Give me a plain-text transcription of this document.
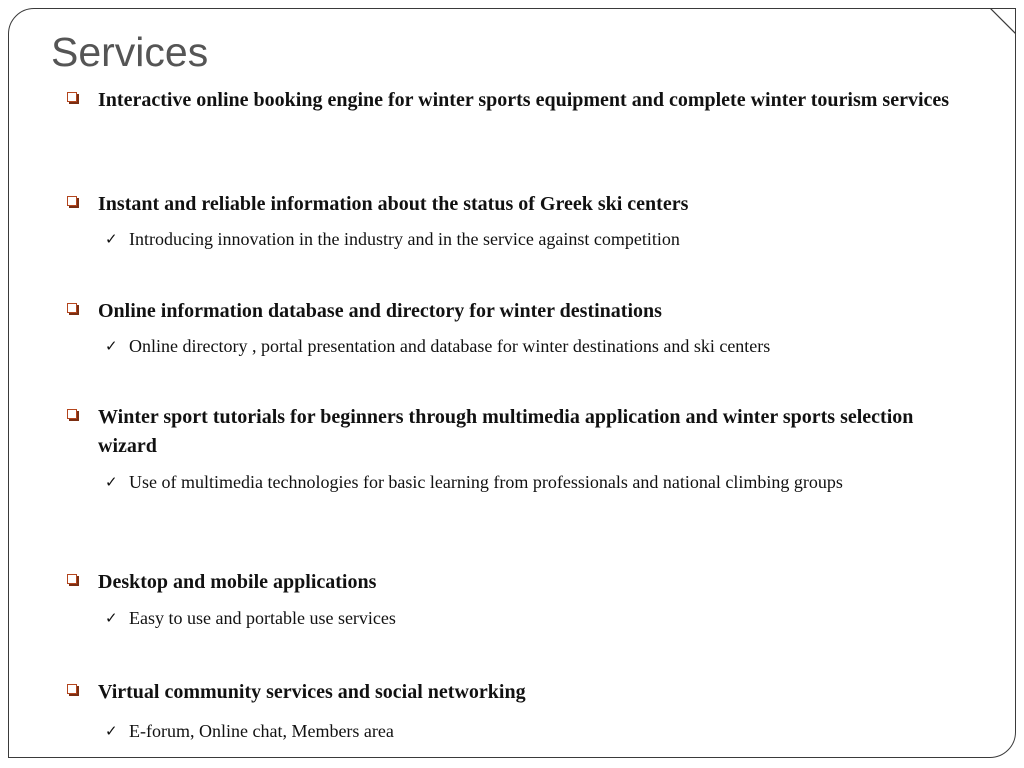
Services
Interactive online booking engine for winter sports equipment and complete winter tourism services
Instant and reliable information about the status of Greek ski centers
✓ Introducing innovation in the industry and in the service against competition
Online information database and directory for winter destinations
✓ Online directory , portal presentation and database for winter destinations and ski centers
Winter sport tutorials for beginners through multimedia application and winter sports selection wizard
✓ Use of multimedia technologies for basic learning from professionals and national climbing groups
Desktop and mobile applications
✓ Easy to use and portable use services
Virtual community services and social networking
✓ E-forum, Online chat, Members area
